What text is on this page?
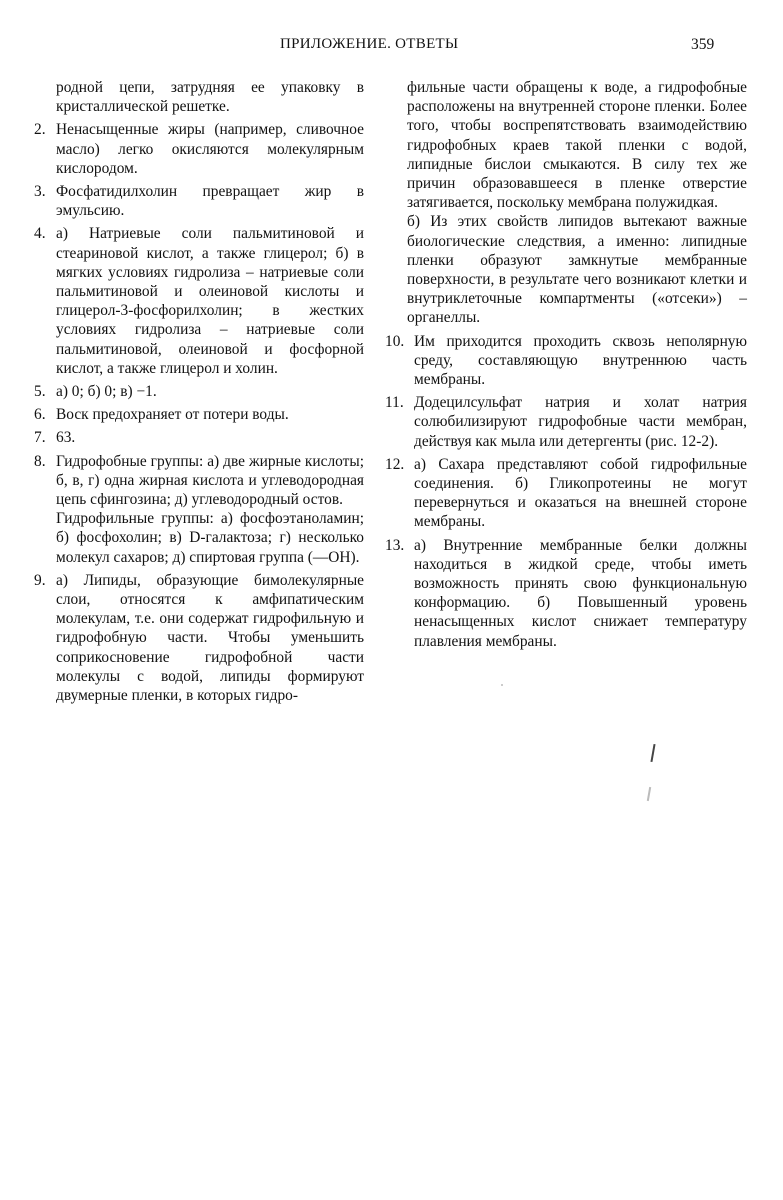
ПРИЛОЖЕНИЕ. ОТВЕТЫ	359

родной цепи, затрудняя ее упаковку в кристаллической решетке.

2. Ненасыщенные жиры (например, сливочное масло) легко окисляются молекулярным кислородом.

3. Фосфатидилхолин превращает жир в эмульсию.

4. а) Натриевые соли пальмитиновой и стеариновой кислот, а также глицерол; б) в мягких условиях гидролиза – натриевые соли пальмитиновой и олеиновой кислоты и глицерол-3-фосфорилхолин; в жестких условиях гидролиза – натриевые соли пальмитиновой, олеиновой и фосфорной кислот, а также глицерол и холин.

5. а) 0; б) 0; в) −1.

6. Воск предохраняет от потери воды.

7. 63.

8. Гидрофобные группы: а) две жирные кислоты; б, в, г) одна жирная кислота и углеводородная цепь сфингозина; д) углеводородный остов.

Гидрофильные группы: а) фосфоэтаноламин; б) фосфохолин; в) D-галактоза; г) несколько молекул сахаров; д) спиртовая группа (—OH).

9. а) Липиды, образующие бимолекулярные слои, относятся к амфипатическим молекулам, т.е. они содержат гидрофильную и гидрофобную части. Чтобы уменьшить соприкосновение гидрофобной части молекулы с водой, липиды формируют двумерные пленки, в которых гидро-

фильные части обращены к воде, а гидрофобные расположены на внутренней стороне пленки. Более того, чтобы воспрепятствовать взаимодействию гидрофобных краев такой пленки с водой, липидные бислои смыкаются. В силу тех же причин образовавшееся в пленке отверстие затягивается, поскольку мембрана полужидкая.

б) Из этих свойств липидов вытекают важные биологические следствия, а именно: липидные пленки образуют замкнутые мембранные поверхности, в результате чего возникают клетки и внутриклеточные компартменты («отсеки») – органеллы.

10. Им приходится проходить сквозь неполярную среду, составляющую внутреннюю часть мембраны.

11. Додецилсульфат натрия и холат натрия солюбилизируют гидрофобные части мембран, действуя как мыла или детергенты (рис. 12-2).

12. а) Сахара представляют собой гидрофильные соединения. б) Гликопротеины не могут перевернуться и оказаться на внешней стороне мембраны.

13. а) Внутренние мембранные белки должны находиться в жидкой среде, чтобы иметь возможность принять свою функциональную конформацию. б) Повышенный уровень ненасыщенных кислот снижает температуру плавления мембраны.
